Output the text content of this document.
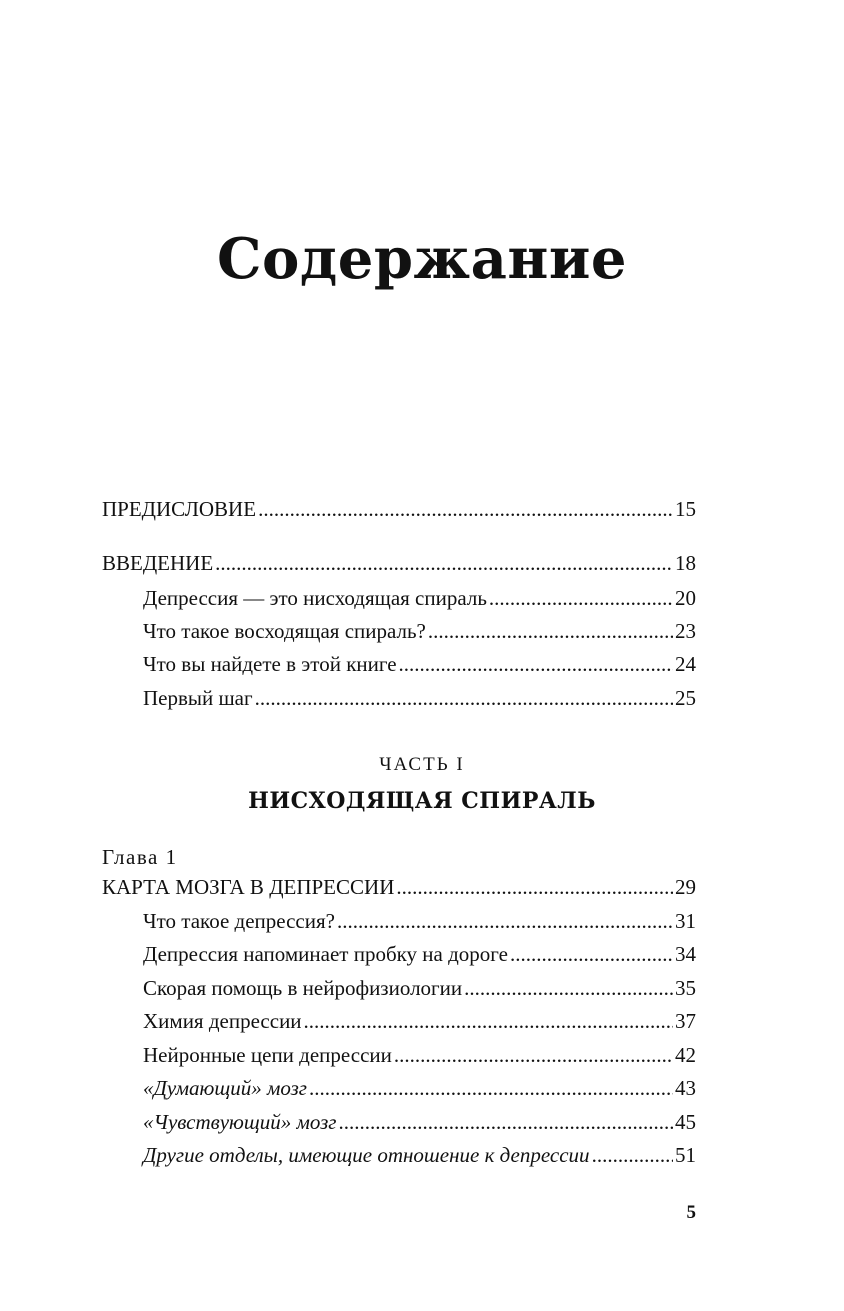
Содержание
ПРЕДИСЛОВИЕ .....	15
ВВЕДЕНИЕ .....	18
Депрессия — это нисходящая спираль .....	20
Что такое восходящая спираль? .....	23
Что вы найдете в этой книге .....	24
Первый шаг .....	25
ЧАСТЬ I
НИСХОДЯЩАЯ СПИРАЛЬ
Глава 1
КАРТА МОЗГА В ДЕПРЕССИИ .....	29
Что такое депрессия? .....	31
Депрессия напоминает пробку на дороге .....	34
Скорая помощь в нейрофизиологии .....	35
Химия депрессии .....	37
Нейронные цепи депрессии .....	42
«Думающий» мозг .....	43
«Чувствующий» мозг .....	45
Другие отделы, имеющие отношение к депрессии .....	51
5
